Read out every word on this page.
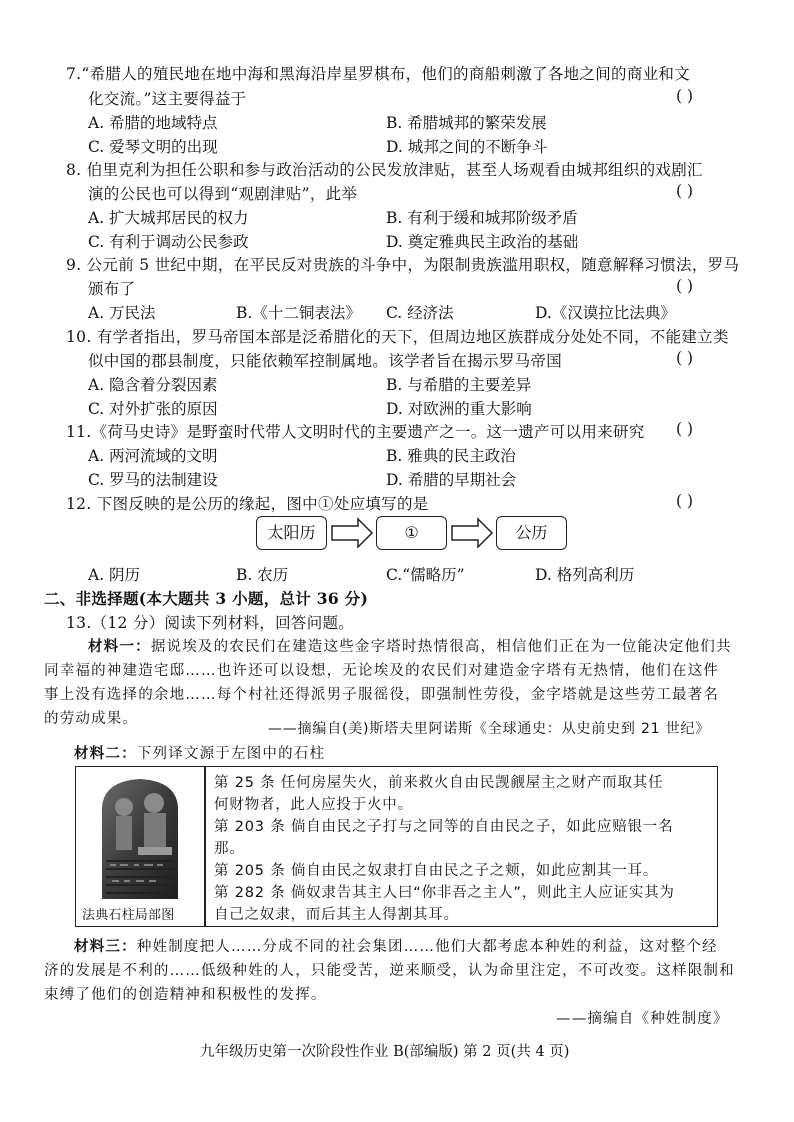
7.“希腊人的殖民地在地中海和黑海沿岸星罗棋布，他们的商船刺激了各地之间的商业和文
化交流。”这主要得益于	( )
A. 希腊的地域特点	B. 希腊城邦的繁荣发展
C. 爱琴文明的出现	D. 城邦之间的不断争斗
8. 伯里克利为担任公职和参与政治活动的公民发放津贴，甚至人场观看由城邦组织的戏剧汇
演的公民也可以得到“观剧津贴”，此举	( )
A. 扩大城邦居民的权力	B. 有利于缓和城邦阶级矛盾
C. 有利于调动公民参政	D. 奠定雅典民主政治的基础
9. 公元前 5 世纪中期，在平民反对贵族的斗争中，为限制贵族滥用职权，随意解释习惯法，罗马
颁布了	( )
A. 万民法	B.《十二铜表法》 C. 经济法	D.《汉谟拉比法典》
10. 有学者指出，罗马帝国本部是泛希腊化的天下，但周边地区族群成分处处不同，不能建立类
似中国的郡县制度，只能依赖军控制属地。该学者旨在揭示罗马帝国	( )
A. 隐含着分裂因素	B. 与希腊的主要差异
C. 对外扩张的原因	D. 对欧洲的重大影响
11.《荷马史诗》是野蛮时代带人文明时代的主要遗产之一。这一遗产可以用来研究 ( )
A. 两河流域的文明	B. 雅典的民主政治
C. 罗马的法制建设	D. 希腊的早期社会
12. 下图反映的是公历的缘起，图中①处应填写的是	( )
太阳历	①	公历
A. 阴历	B. 农历	C.“儒略历”	D. 格列高利历
二、非选择题(本大题共 3 小题，总计 36 分)
13.（12 分）阅读下列材料，回答问题。
材料一：据说埃及的农民们在建造这些金字塔时热情很高，相信他们正在为一位能决定他们共
同幸福的神建造宅邸……也许还可以设想，无论埃及的农民们对建造金字塔有无热情，他们在这件
事上没有选择的余地……每个村社还得派男子服徭役，即强制性劳役，金字塔就是这些劳工最著名
的劳动成果。
——摘编自(美)斯塔夫里阿诺斯《全球通史：从史前史到 21 世纪》
材料二：下列译文源于左图中的石柱
法典石柱局部图
第 25 条 任何房屋失火，前来救火自由民觊觎屋主之财产而取其任
何财物者，此人应投于火中。
第 203 条 倘自由民之子打与之同等的自由民之子，如此应赔银一名
那。
第 205 条 倘自由民之奴隶打自由民之子之颊，如此应割其一耳。
第 282 条 倘奴隶告其主人曰“你非吾之主人”，则此主人应证实其为
自己之奴隶，而后其主人得割其耳。
材料三：种姓制度把人……分成不同的社会集团……他们大都考虑本种姓的利益，这对整个经
济的发展是不利的……低级种姓的人，只能受苦，逆来顺受，认为命里注定，不可改变。这样限制和
束缚了他们的创造精神和积极性的发挥。
——摘编自《种姓制度》
九年级历史第一次阶段性作业 B(部编版) 第 2 页(共 4 页)
